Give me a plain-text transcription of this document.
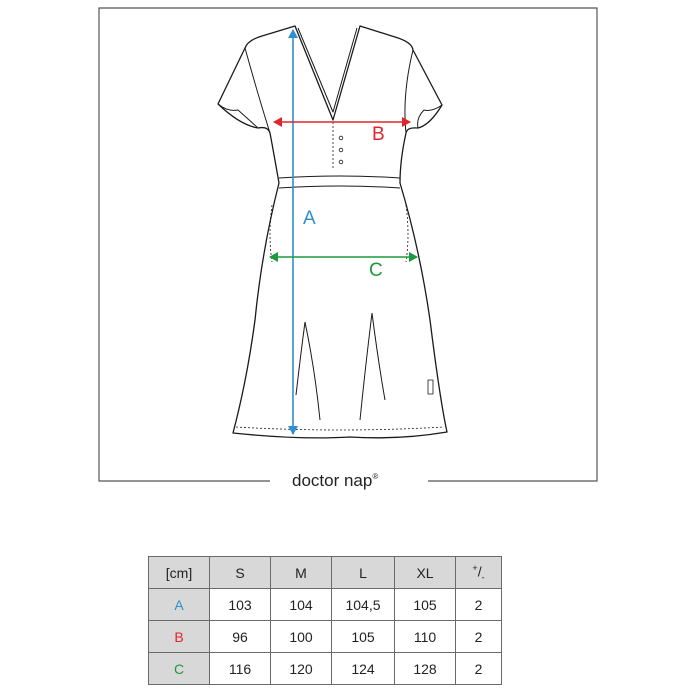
A
B
C
doctor nap®
[cm]	S	M	L	XL	$^+/_-$
A	103	104	104,5	105	2
B	96	100	105	110	2
C	116	120	124	128	2
